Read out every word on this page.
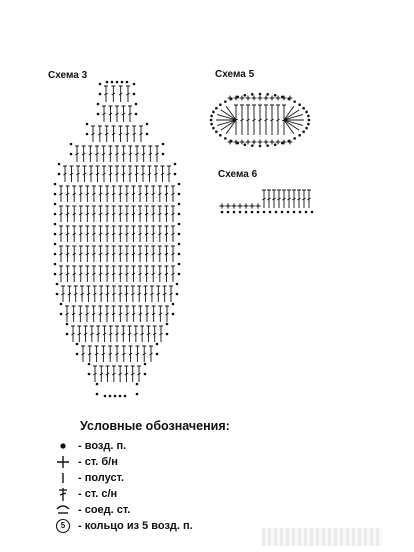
Схема 3	Схема 5
Схема 6
Условные обозначения:
- возд. п.
- ст. б/н
- полуст.
- ст. с/н
- соед. ст.
5	- кольцо из 5 возд. п.
